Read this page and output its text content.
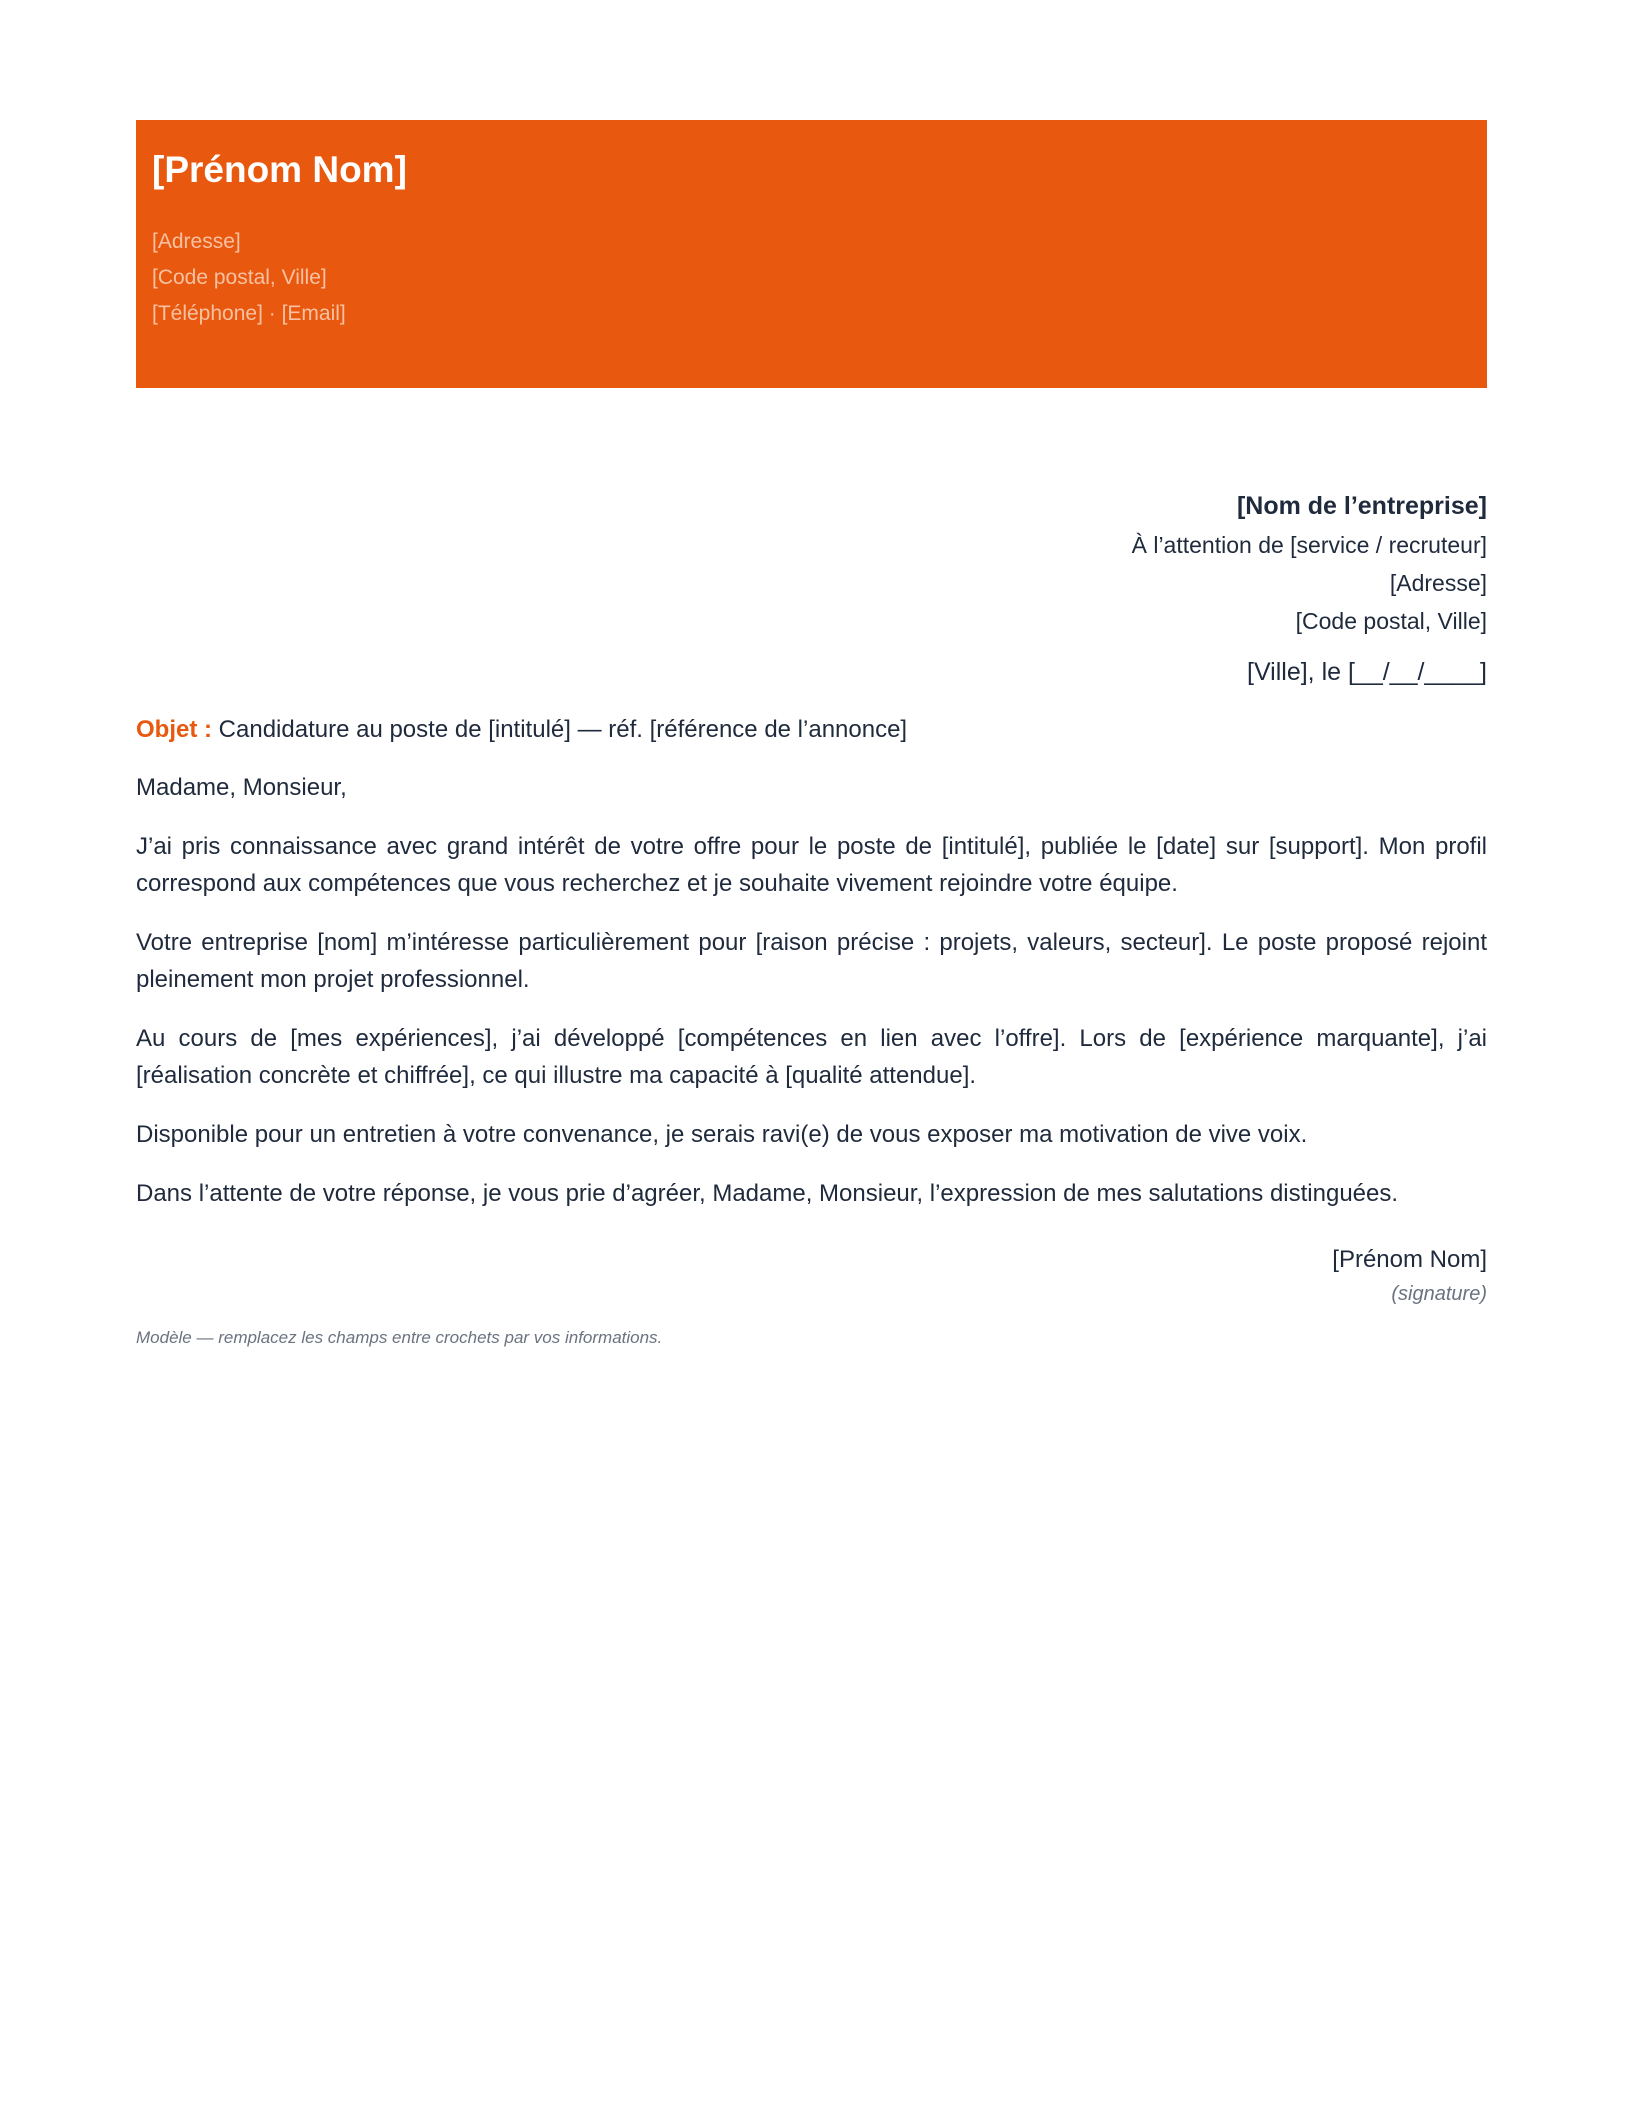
[Prénom Nom]

[Adresse]

[Code postal, Ville]

[Téléphone] · [Email]

[Nom de l’entreprise]
À l’attention de [service / recruteur]
[Adresse]
[Code postal, Ville]
[Ville], le [__/__/____]
Objet : Candidature au poste de [intitulé] — réf. [référence de l’annonce]
Madame, Monsieur,
J’ai pris connaissance avec grand intérêt de votre offre pour le poste de [intitulé], publiée le [date] sur [support]. Mon profil correspond aux compétences que vous recherchez et je souhaite vivement rejoindre votre équipe.
Votre entreprise [nom] m’intéresse particulièrement pour [raison précise : projets, valeurs, secteur]. Le poste proposé rejoint pleinement mon projet professionnel.
Au cours de [mes expériences], j’ai développé [compétences en lien avec l’offre]. Lors de [expérience marquante], j’ai [réalisation concrète et chiffrée], ce qui illustre ma capacité à [qualité attendue].
Disponible pour un entretien à votre convenance, je serais ravi(e) de vous exposer ma motivation de vive voix.
Dans l’attente de votre réponse, je vous prie d’agréer, Madame, Monsieur, l’expression de mes salutations distinguées.
[Prénom Nom]
(signature)
Modèle — remplacez les champs entre crochets par vos informations.
